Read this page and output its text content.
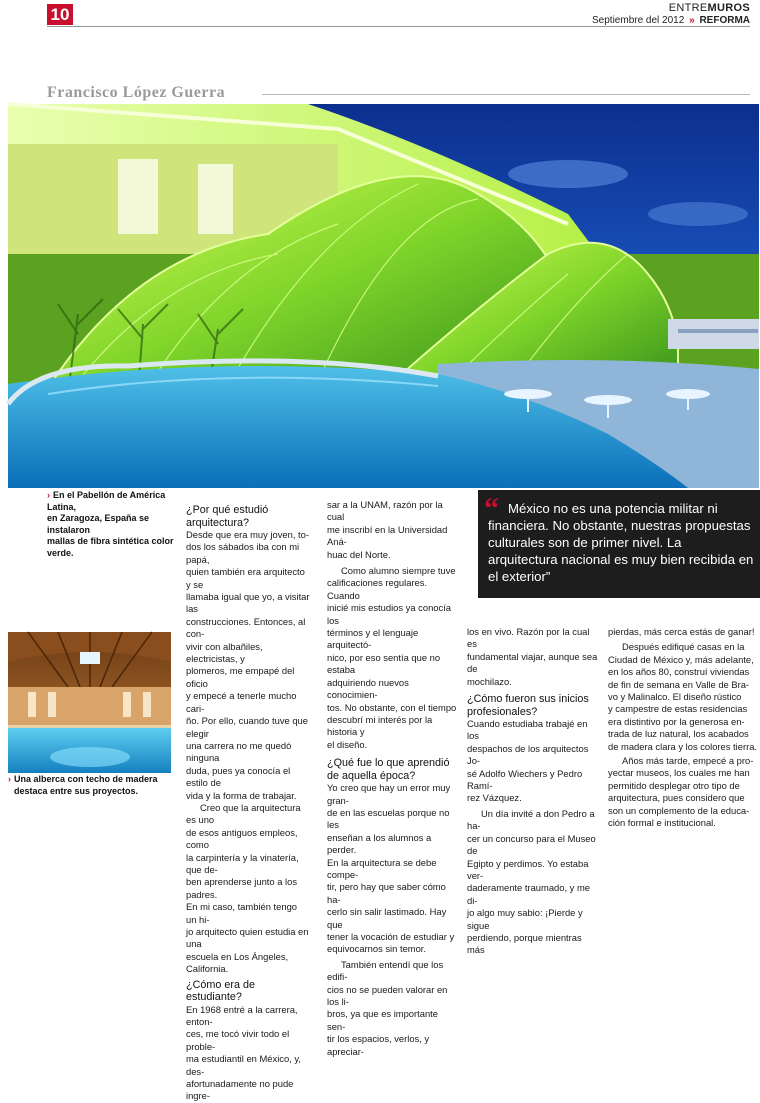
10	ENTREMUROS
Septiembre del 2012 » REFORMA
Francisco López Guerra
› En el Pabellón de América Latina,
en Zaragoza, España se instalaron
mallas de fibra sintética color verde.
¿Por qué estudió
arquitectura?

Desde que era muy joven, to-
dos los sábados iba con mi papá,
quien también era arquitecto y se
llamaba igual que yo, a visitar las
construcciones. Entonces, al con-
vivir con albañiles, electricistas, y
plomeros, me empapé del oficio
y empecé a tenerle mucho cari-
ño. Por ello, cuando tuve que elegir
una carrera no me quedó ninguna
duda, pues ya conocía el estilo de
vida y la forma de trabajar.

Creo que la arquitectura es uno
de esos antiguos empleos, como
la carpintería y la vinatería, que de-
ben aprenderse junto a los padres.
En mi caso, también tengo un hi-
jo arquitecto quien estudia en una
escuela en Los Ángeles, California.

¿Cómo era de estudiante?

En 1968 entré a la carrera, enton-
ces, me tocó vivir todo el proble-
ma estudiantil en México, y, des-
afortunadamente no pude ingre-

sar a la UNAM, razón por la cual
me inscribí en la Universidad Aná-
huac del Norte.

Como alumno siempre tuve
calificaciones regulares. Cuando
inicié mis estudios ya conocía los
términos y el lenguaje arquitectó-
nico, por eso sentía que no estaba
adquiriendo nuevos conocimien-
tos. No obstante, con el tiempo
descubrí mi interés por la historia y
el diseño.

¿Qué fue lo que aprendió
de aquella época?

Yo creo que hay un error muy gran-
de en las escuelas porque no les
enseñan a los alumnos a perder.
En la arquitectura se debe compe-
tir, pero hay que saber cómo ha-
cerlo sin salir lastimado. Hay que
tener la vocación de estudiar y
equivocarnos sin temor.

También entendí que los edifi-
cios no se pueden valorar en los li-
bros, ya que es importante sen-
tir los espacios, verlos, y apreciar-

“ México no es una potencia militar ni financiera. No obstante, nuestras propuestas culturales son de primer nivel. La arquitectura nacional es muy bien recibida en el exterior”

los en vivo. Razón por la cual es
fundamental viajar, aunque sea de
mochilazo.

¿Cómo fueron sus inicios
profesionales?

Cuando estudiaba trabajé en los
despachos de los arquitectos Jo-
sé Adolfo Wiechers y Pedro Ramí-
rez Vázquez.

Un día invité a don Pedro a ha-
cer un concurso para el Museo de
Egipto y perdimos. Yo estaba ver-
daderamente traumado, y me di-
jo algo muy sabio: ¡Pierde y sigue
perdiendo, porque mientras más

pierdas, más cerca estás de ganar!

Después edifiqué casas en la
Ciudad de México y, más adelante,
en los años 80, construí viviendas
de fin de semana en Valle de Bra-
vo y Malinalco. El diseño rústico
y campestre de estas residencias
era distintivo por la generosa en-
trada de luz natural, los acabados
de madera clara y los colores tierra.

Años más tarde, empecé a pro-
yectar museos, los cuales me han
permitido desplegar otro tipo de
arquitectura, pues considero que
son un complemento de la educa-
ción formal e institucional.

› Una alberca con techo de madera
destaca entre sus proyectos.
